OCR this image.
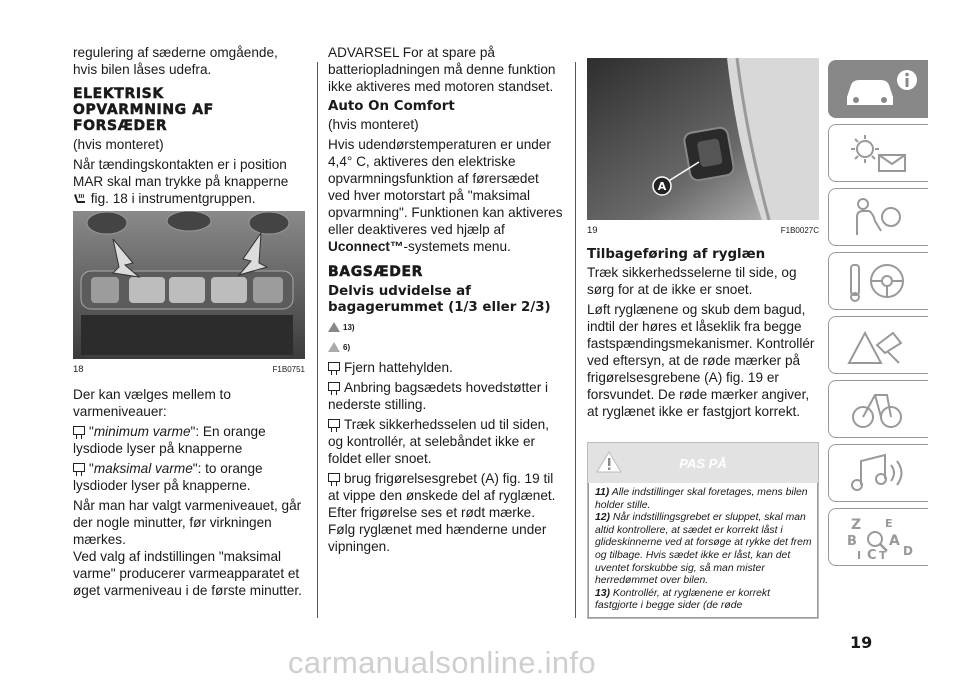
regulering af sæderne omgående, hvis bilen låses udefra.

ELEKTRISK
OPVARMNING AF
FORSÆDER

(hvis monteret)

Når tændingskontakten er i position MAR skal man trykke på knapperne  fig. 18 i instrumentgruppen.

18	F1B0751

Der kan vælges mellem to varmeniveauer:

"minimum varme": En orange lysdiode lyser på knapperne

"maksimal varme": to orange lysdioder lyser på knapperne.

Når man har valgt varmeniveauet, går der nogle minutter, før virkningen mærkes.

Ved valg af indstillingen "maksimal varme" producerer varmeapparatet et øget varmeniveau i de første minutter.

ADVARSEL For at spare på batteriopladningen må denne funktion ikke aktiveres med motoren standset.

Auto On Comfort

(hvis monteret)

Hvis udendørstemperaturen er under 4,4° C, aktiveres den elektriske opvarmningsfunktion af førersædet ved hver motorstart på "maksimal opvarmning". Funktionen kan aktiveres eller deaktiveres ved hjælp af Uconnect™-systemets menu.

BAGSÆDER
Delvis udvidelse af bagagerummet (1/3 eller 2/3)
13)
6)

Fjern hattehylden.

Anbring bagsædets hovedstøtter i nederste stilling.

Træk sikkerhedsselen ud til siden, og kontrollér, at selebåndet ikke er foldet eller snoet.

brug frigørelsesgrebet (A) fig. 19 til at vippe den ønskede del af ryglænet.

Efter frigørelse ses et rødt mærke. Følg ryglænet med hænderne under vipningen.

A
19	F1B0027C
Tilbageføring af ryglæn

Træk sikkerhedsselerne til side, og sørg for at de ikke er snoet.

Løft ryglænene og skub dem bagud, indtil der høres et låseklik fra begge fastspændingsmekanismer. Kontrollér ved eftersyn, at de røde mærker på frigørelsesgrebene (A) fig. 19 er forsvundet. De røde mærker angiver, at ryglænet ikke er fastgjort korrekt.

PAS PÅ
11) Alle indstillinger skal foretages, mens bilen holder stille.
12) Når indstillingsgrebet er sluppet, skal man altid kontrollere, at sædet er korrekt låst i glideskinnerne ved at forsøge at rykke det frem og tilbage. Hvis sædet ikke er låst, kan det uventet forskubbe sig, så man mister herredømmet over bilen.
13) Kontrollér, at ryglænene er korrekt fastgjorte i begge sider (de røde
Z E
B A
I C T D
19
carmanualsonline.info
